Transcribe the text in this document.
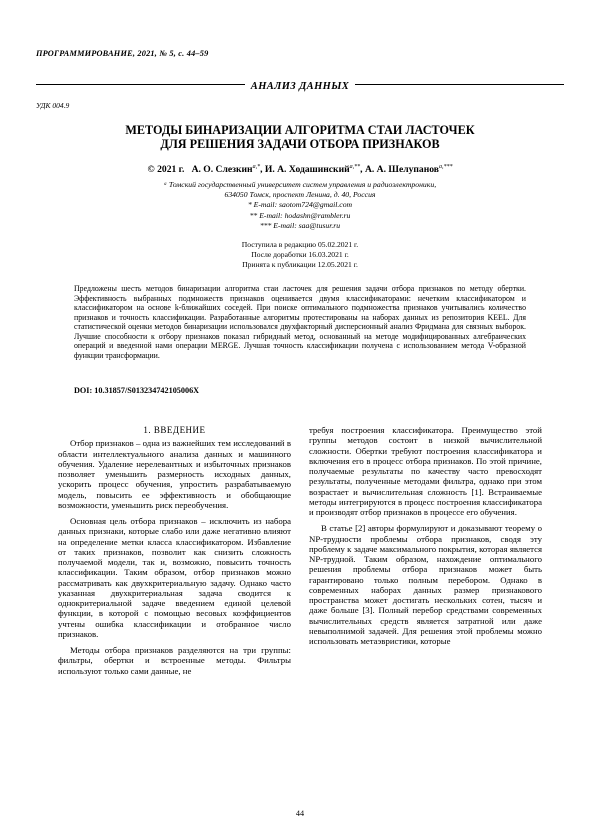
ПРОГРАММИРОВАНИЕ, 2021, № 5, с. 44–59
АНАЛИЗ ДАННЫХ
УДК 004.9
МЕТОДЫ БИНАРИЗАЦИИ АЛГОРИТМА СТАИ ЛАСТОЧЕК
ДЛЯ РЕШЕНИЯ ЗАДАЧИ ОТБОРА ПРИЗНАКОВ
© 2021 г. А. О. Слезкин$^{a,*}$, И. А. Ходашинский$^{a,**}$, А. А. Шелупанов$^{a,***}$
ᵃ Томский государственный университет систем управления и радиоэлектроники,
634050 Томск, проспект Ленина, д. 40, Россия
* E-mail: saotom724@gmail.com
** E-mail: hodashn@rambler.ru
*** E-mail: saa@tusur.ru
Поступила в редакцию 05.02.2021 г.
После доработки 16.03.2021 г.
Принята к публикации 12.05.2021 г.
Предложены шесть методов бинаризации алгоритма стаи ласточек для решения задачи отбора признаков по методу обертки. Эффективность выбранных подмножеств признаков оценивается двумя классификаторами: нечетким классификатором и классификатором на основе k-ближайших соседей. При поиске оптимального подмножества признаков учитывались количество признаков и точность классификации. Разработанные алгоритмы протестированы на наборах данных из репозитория KEEL. Для статистической оценки методов бинаризации использовался двухфакторный дисперсионный анализ Фридмана для связных выборок. Лучшие способности к отбору признаков показал гибридный метод, основанный на методе модифицированных алгебраических операций и введенной нами операции MERGE. Лучшая точность классификации получена с использованием метода V-образной функции трансформации.
DOI: 10.31857/S013234742105006X
1. ВВЕДЕНИЕ

Отбор признаков – одна из важнейших тем исследований в области интеллектуального анализа данных и машинного обучения. Удаление нерелевантных и избыточных признаков позволяет уменьшить размерность исходных данных, ускорить процесс обучения, упростить разрабатываемую модель, повысить ее эффективность и обобщающие возможности, уменьшить риск переобучения.

Основная цель отбора признаков – исключить из набора данных признаки, которые слабо или даже негативно влияют на определение метки класса классификатором. Избавление от таких признаков, позволит как снизить сложность получаемой модели, так и, возможно, повысить точность классификации. Таким образом, отбор признаков можно рассматривать как двухкритериальную задачу. Однако часто указанная двухкритериальная задача сводится к однокритериальной задаче введением единой целевой функции, в которой с помощью весовых коэффициентов учтены ошибка классификации и отобранное число признаков.

Методы отбора признаков разделяются на три группы: фильтры, обертки и встроенные методы. Фильтры используют только сами данные, не

требуя построения классификатора. Преимущество этой группы методов состоит в низкой вычислительной сложности. Обертки требуют построения классификатора и включения его в процесс отбора признаков. По этой причине, получаемые результаты по качеству часто превосходят результаты, полученные методами фильтра, однако при этом возрастает и вычислительная сложность [1]. Встраиваемые методы интегрируются в процесс построения классификатора и производят отбор признаков в процессе его обучения.

В статье [2] авторы формулируют и доказывают теорему о NP-трудности проблемы отбора признаков, сводя эту проблему к задаче максимального покрытия, которая является NP-трудной. Таким образом, нахождение оптимального решения проблемы отбора признаков может быть гарантировано только полным перебором. Однако в современных наборах данных размер признакового пространства может достигать нескольких сотен, тысяч и даже больше [3]. Полный перебор средствами современных вычислительных средств является затратной или даже невыполнимой задачей. Для решения этой проблемы можно использовать метаэвристики, которые

44
